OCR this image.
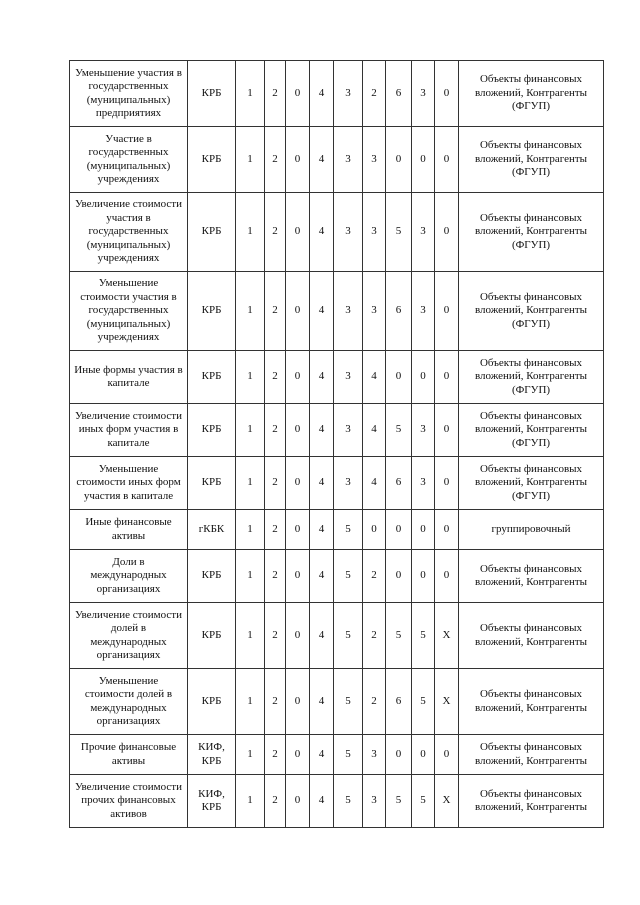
Уменьшение участия в государственных (муниципальных) предприятиях	КРБ	1	2	0	4	3	2	6	3	0	Объекты финансовых вложений, Контрагенты (ФГУП)
Участие в государственных (муниципальных) учреждениях	КРБ	1	2	0	4	3	3	0	0	0	Объекты финансовых вложений, Контрагенты (ФГУП)
Увеличение стоимости участия в государственных (муниципальных) учреждениях	КРБ	1	2	0	4	3	3	5	3	0	Объекты финансовых вложений, Контрагенты (ФГУП)
Уменьшение стоимости участия в государственных (муниципальных) учреждениях	КРБ	1	2	0	4	3	3	6	3	0	Объекты финансовых вложений, Контрагенты (ФГУП)
Иные формы участия в капитале	КРБ	1	2	0	4	3	4	0	0	0	Объекты финансовых вложений, Контрагенты (ФГУП)
Увеличение стоимости иных форм участия в капитале	КРБ	1	2	0	4	3	4	5	3	0	Объекты финансовых вложений, Контрагенты (ФГУП)
Уменьшение стоимости иных форм участия в капитале	КРБ	1	2	0	4	3	4	6	3	0	Объекты финансовых вложений, Контрагенты (ФГУП)
Иные финансовые активы	гКБК	1	2	0	4	5	0	0	0	0	группировочный
Доли в международных организациях	КРБ	1	2	0	4	5	2	0	0	0	Объекты финансовых вложений, Контрагенты
Увеличение стоимости долей в международных организациях	КРБ	1	2	0	4	5	2	5	5	Х	Объекты финансовых вложений, Контрагенты
Уменьшение стоимости долей в международных организациях	КРБ	1	2	0	4	5	2	6	5	Х	Объекты финансовых вложений, Контрагенты
Прочие финансовые активы	КИФ, КРБ	1	2	0	4	5	3	0	0	0	Объекты финансовых вложений, Контрагенты
Увеличение стоимости прочих финансовых активов	КИФ, КРБ	1	2	0	4	5	3	5	5	Х	Объекты финансовых вложений, Контрагенты
